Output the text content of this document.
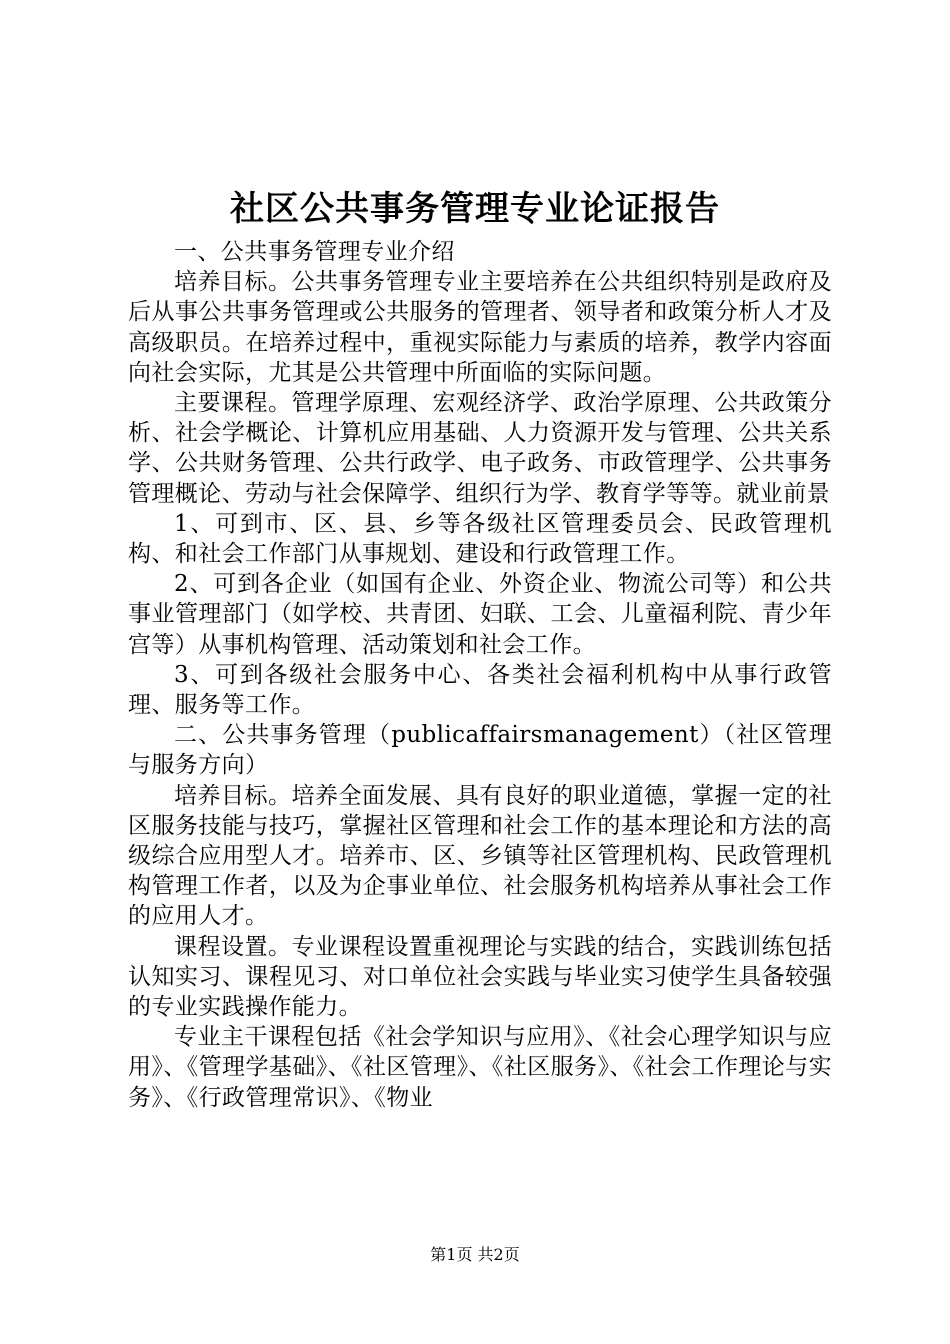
社区公共事务管理专业论证报告

一、公共事务管理专业介绍

培养目标。公共事务管理专业主要培养在公共组织特别是政府及后从事公共事务管理或公共服务的管理者、领导者和政策分析人才及高级职员。在培养过程中，重视实际能力与素质的培养，教学内容面向社会实际，尤其是公共管理中所面临的实际问题。

主要课程。管理学原理、宏观经济学、政治学原理、公共政策分析、社会学概论、计算机应用基础、人力资源开发与管理、公共关系学、公共财务管理、公共行政学、电子政务、市政管理学、公共事务管理概论、劳动与社会保障学、组织行为学、教育学等等。就业前景

1、可到市、区、县、乡等各级社区管理委员会、民政管理机构、和社会工作部门从事规划、建设和行政管理工作。

2、可到各企业（如国有企业、外资企业、物流公司等）和公共事业管理部门（如学校、共青团、妇联、工会、儿童福利院、青少年宫等）从事机构管理、活动策划和社会工作。

3、可到各级社会服务中心、各类社会福利机构中从事行政管理、服务等工作。

二、公共事务管理（publicaffairsmanagement）（社区管理与服务方向）

培养目标。培养全面发展、具有良好的职业道德，掌握一定的社区服务技能与技巧，掌握社区管理和社会工作的基本理论和方法的高级综合应用型人才。培养市、区、乡镇等社区管理机构、民政管理机构管理工作者，以及为企事业单位、社会服务机构培养从事社会工作的应用人才。

课程设置。专业课程设置重视理论与实践的结合，实践训练包括认知实习、课程见习、对口单位社会实践与毕业实习使学生具备较强的专业实践操作能力。

专业主干课程包括《社会学知识与应用》、《社会心理学知识与应用》、《管理学基础》、《社区管理》、《社区服务》、《社会工作理论与实务》、《行政管理常识》、《物业

第1页 共2页
